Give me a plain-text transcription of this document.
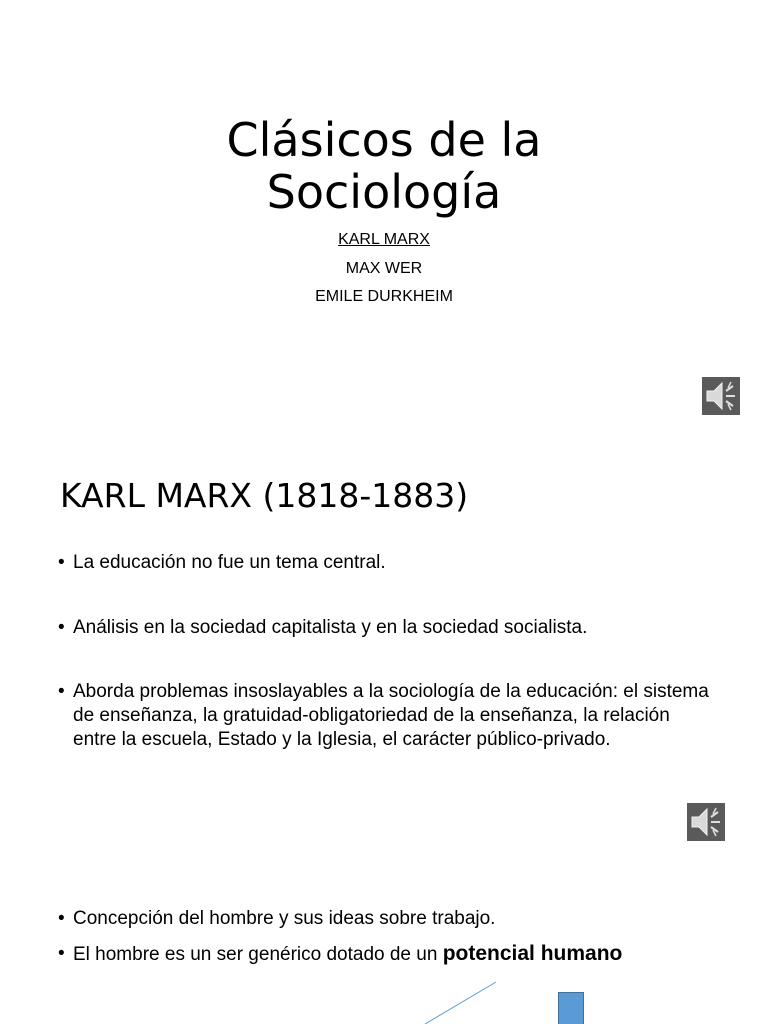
Clásicos de la
Sociología
KARL MARX
MAX WER
EMILE DURKHEIM
KARL MARX (1818-1883)
• La educación no fue un tema central.
• Análisis en la sociedad capitalista y en la sociedad socialista.
• Aborda problemas insoslayables a la sociología de la educación: el sistema de enseñanza, la gratuidad-obligatoriedad de la enseñanza, la relación entre la escuela, Estado y la Iglesia, el carácter público-privado.
• Concepción del hombre y sus ideas sobre trabajo.
• El hombre es un ser genérico dotado de un potencial humano
